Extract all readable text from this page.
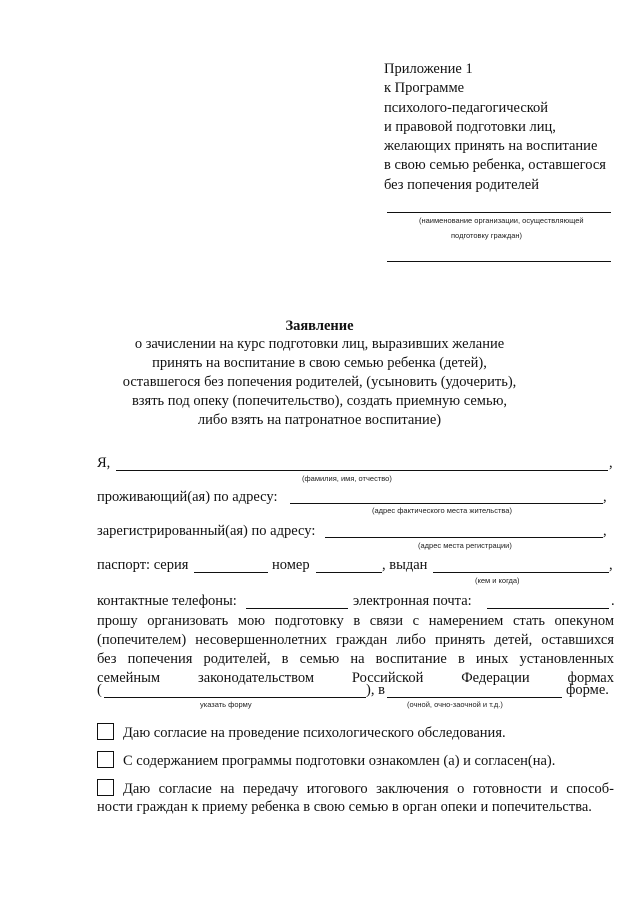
Приложение 1
к Программе
психолого-педагогической
и правовой подготовки лиц,
желающих принять на воспитание
в свою семью ребенка, оставшегося
без попечения родителей
(наименование организации, осуществляющей
подготовку граждан)
Заявление
о зачислении на курс подготовки лиц, выразивших желание
принять на воспитание в свою семью ребенка (детей),
оставшегося без попечения родителей, (усыновить (удочерить),
взять под опеку (попечительство), создать приемную семью,
либо взять на патронатное воспитание)
Я,	,
(фамилия, имя, отчество)
проживающий(ая) по адресу:	,
(адрес фактического места жительства)
зарегистрированный(ая) по адресу:	,
(адрес места регистрации)
паспорт: серия	номер	, выдан	,
(кем и когда)
контактные телефоны:	электронная почта:	.
прошу организовать мою подготовку в связи с намерением стать опекуном
(попечителем) несовершеннолетних граждан либо принять детей, оставшихся
без попечения родителей, в семью на воспитание в иных установленных
семейным законодательством Российской Федерации формах
(	), в	форме.
указать форму	(очной, очно-заочной и т.д.)
Даю согласие на проведение психологического обследования.
С содержанием программы подготовки ознакомлен (а) и согласен(на).
Даю согласие на передачу итогового заключения о готовности и способ-
ности граждан к приему ребенка в свою семью в орган опеки и попечительства.
